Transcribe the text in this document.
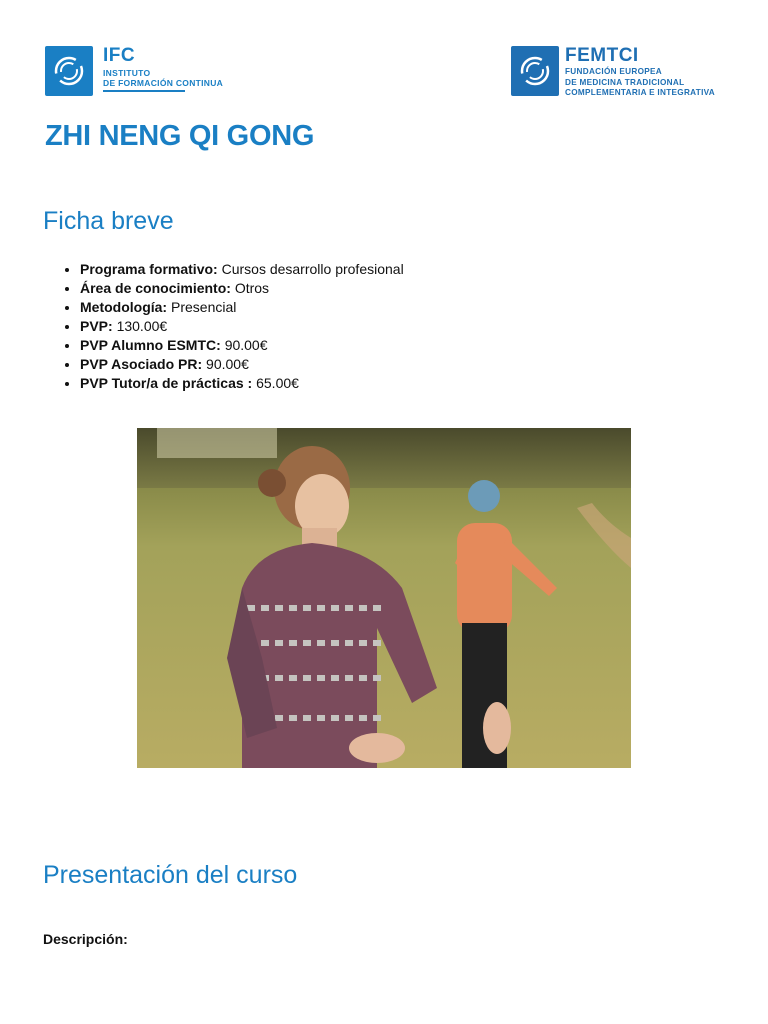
IFC
INSTITUTO
DE FORMACIÓN CONTINUA
FEMTCI
FUNDACIÓN EUROPEA
DE MEDICINA TRADICIONAL
COMPLEMENTARIA E INTEGRATIVA
ZHI NENG QI GONG
Ficha breve
• Programa formativo: Cursos desarrollo profesional
• Área de conocimiento: Otros
• Metodología: Presencial
• PVP: 130.00€
• PVP Alumno ESMTC: 90.00€
• PVP Asociado PR: 90.00€
• PVP Tutor/a de prácticas : 65.00€
Presentación del curso
Descripción:
